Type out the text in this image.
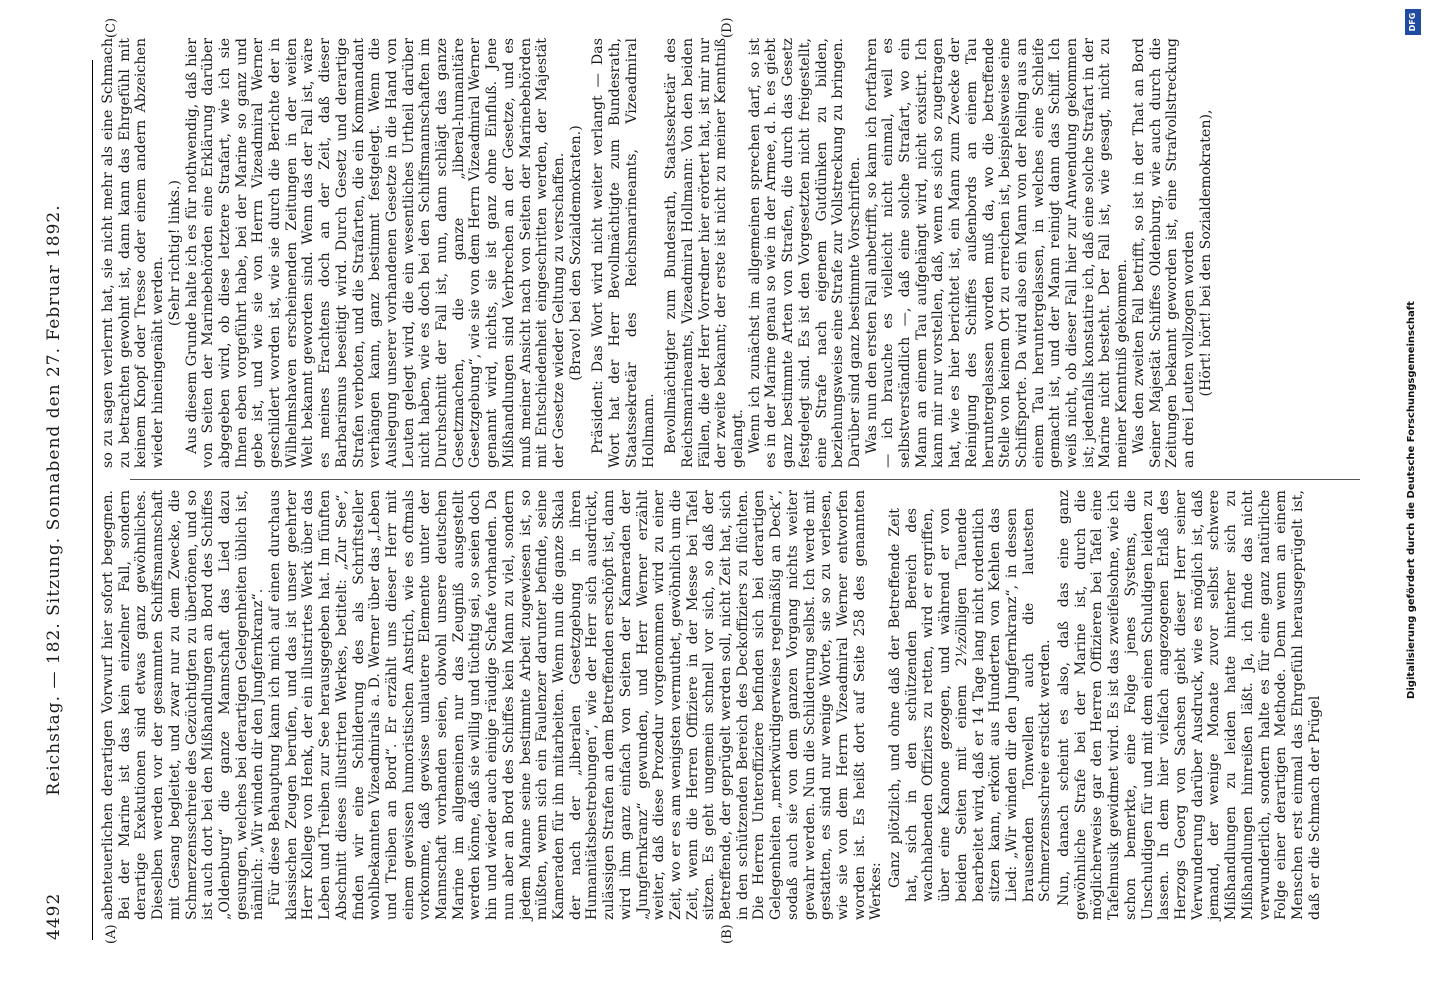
4492
Reichstag. — 182. Sitzung. Sonnabend den 27. Februar 1892.
(A)	(B)
(C)	(D)

abenteuerlichen derartigen Vorwurf hier sofort begegnen. Bei der Marine ist das kein einzelner Fall, sondern derartige Exekutionen sind etwas ganz gewöhnliches. Dieselben werden vor der gesammten Schiffsmannschaft mit Gesang begleitet, und zwar nur zu dem Zwecke, die Schmerzensschreie des Gezüchtigten zu übertönen, und so ist auch dort bei den Mißhandlungen an Bord des Schiffes „Oldenburg“ die ganze Mannschaft das Lied dazu gesungen, welches bei derartigen Gelegenheiten üblich ist, nämlich: „Wir winden dir den Jungfernkranz“. Für diese Behauptung kann ich mich auf einen durchaus klassischen Zeugen berufen, und das ist unser geehrter Herr Kollege von Henk, der ein illustrirtes Werk über das Leben und Treiben zur See herausgegeben hat. Im fünften Abschnitt dieses illustrirten Werkes, betitelt: „Zur See“, finden wir eine Schilderung des als Schriftsteller wohlbekannten Vizeadmirals a. D. Werner über das „Leben und Treiben an Bord“. Er erzählt uns dieser Herr mit einem gewissen humoristischen Anstrich, wie es oftmals vorkomme, daß gewisse unlautere Elemente unter der Mannschaft vorhanden seien, obwohl unsere deutschen Marine im allgemeinen nur das Zeugniß ausgestellt werden könne, daß sie willig und tüchtig sei, so seien doch hin und wieder auch einige räudige Schafe vorhanden. Da nun aber an Bord des Schiffes kein Mann zu viel, sondern jedem Manne seine bestimmte Arbeit zugewiesen ist, so müßten, wenn sich ein Faulenzer darunter befinde, seine Kameraden für ihn mitarbeiten. Wenn nun die ganze Skala der nach der „liberalen Gesetzgebung in ihren Humanitätsbestrebungen“, wie der Herr sich ausdrückt, zulässigen Strafen an dem Betreffenden erschöpft ist, dann wird ihm ganz einfach von Seiten der Kameraden der „Jungfernkranz“ gewunden, und Herr Werner erzählt weiter, daß diese Prozedur vorgenommen wird zu einer Zeit, wo er es am wenigsten vermuthet, gewöhnlich um die Zeit, wenn die Herren Offiziere in der Messe bei Tafel sitzen. Es geht ungemein schnell vor sich, so daß der Betreffende, der geprügelt werden soll, nicht Zeit hat, sich in den schützenden Bereich des Deckoffiziers zu flüchten. Die Herren Unteroffiziere befinden sich bei derartigen Gelegenheiten „merkwürdigerweise regelmäßig an Deck“, sodaß auch sie von dem ganzen Vorgang nichts weiter gewahr werden. Nun die Schilderung selbst. Ich werde mit gestatten, es sind nur wenige Worte, sie so zu verlesen, wie sie von dem Herrn Vizeadmiral Werner entworfen worden ist. Es heißt dort auf Seite 258 des genannten Werkes:

Ganz plötzlich, und ohne daß der Betreffende Zeit hat, sich in den schützenden Bereich des wachhabenden Offiziers zu retten, wird er ergriffen, über eine Kanone gezogen, und während er von beiden Seiten mit einem 2½zölligen Tauende bearbeitet wird, daß er 14 Tage lang nicht ordentlich sitzen kann, erkönt aus Hunderten von Kehlen das Lied: „Wir winden dir den Jungfernkranz“, in dessen brausenden Tonwellen auch die lautesten Schmerzensschreie erstickt werden. Nun, danach scheint es also, daß das eine ganz gewöhnliche Strafe bei der Marine ist, durch die möglicherweise gar den Herren Offizieren bei Tafel eine Tafelmusik gewidmet wird. Es ist das zweifelsohne, wie ich schon bemerkte, eine Folge jenes Systems, die Unschuldigen für und mit dem einen Schuldigen leiden zu lassen. In dem hier vielfach angezogenen Erlaß des Herzogs Georg von Sachsen giebt dieser Herr seiner Verwunderung darüber Ausdruck, wie es möglich ist, daß jemand, der wenige Monate zuvor selbst schwere Mißhandlungen zu leiden hatte hinterher sich zu Mißhandlungen hinreißen läßt. Ja, ich finde das nicht verwunderlich, sondern halte es für eine ganz natürliche Folge einer derartigen Methode. Denn wenn an einem Menschen erst einmal das Ehrgefühl herausgeprügelt ist, daß er die Schmach der Prügel

so zu sagen verlernt hat, sie nicht mehr als eine Schmach zu betrachten gewohnt ist, dann kann das Ehrgefühl mit keinem Knopf oder Tresse oder einem andern Abzeichen wieder hineingenäht werden.

(Sehr richtig! links.) Aus diesem Grunde halte ich es für nothwendig, daß hier von Seiten der Marinebehörden eine Erklärung darüber abgegeben wird, ob diese letztere Strafart, wie ich sie Ihnen eben vorgeführt habe, bei der Marine so ganz und gebe ist, und wie sie von Herrn Vizeadmiral Werner geschildert worden ist, wie sie durch die Berichte der in Wilhelmshaven erscheinenden Zeitungen in der weiten Welt bekannt geworden sind. Wenn das der Fall ist, wäre es meines Erachtens doch an der Zeit, daß dieser Barbarismus beseitigt wird. Durch Gesetz und derartige Strafen verboten, und die Strafarten, die ein Kommandant verhängen kann, ganz bestimmt festgelegt. Wenn die Auslegung unserer vorhandenen Gesetze in die Hand von Leuten gelegt wird, die ein wesentliches Urtheil darüber nicht haben, wie es doch bei den Schiffsmannschaften im Durchschnitt der Fall ist, nun, dann schlägt das ganze Gesetzmachen, die ganze „liberal-humanitäre Gesetzgebung“, wie sie von dem Herrn Vizeadmiral Werner genannt wird, nichts, sie ist ganz ohne Einfluß. Jene Mißhandlungen sind Verbrechen an der Gesetze, und es muß meiner Ansicht nach von Seiten der Marinebehörden mit Entschiedenheit eingeschritten werden, der Majestät der Gesetze wieder Geltung zu verschaffen. (Bravo! bei den Sozialdemokraten.) Präsident: Das Wort wird nicht weiter verlangt — Das Wort hat der Herr Bevollmächtigte zum Bundesrath, Staatssekretär des Reichsmarineamts, Vizeadmiral Hollmann. Bevollmächtigter zum Bundesrath, Staatssekretär des Reichsmarineamts, Vizeadmiral Hollmann: Von den beiden Fällen, die der Herr Vorredner hier erörtert hat, ist mir nur der zweite bekannt; der erste ist nicht zu meiner Kenntniß gelangt. Wenn ich zunächst im allgemeinen sprechen darf, so ist es in der Marine genau so wie in der Armee, d. h. es giebt ganz bestimmte Arten von Strafen, die durch das Gesetz festgelegt sind. Es ist den Vorgesetzten nicht freigestellt, eine Strafe nach eigenem Gutdünken zu bilden, beziehungsweise eine Strafe zur Vollstreckung zu bringen. Darüber sind ganz bestimmte Vorschriften. Was nun den ersten Fall anbetrifft, so kann ich fortfahren — ich brauche es vielleicht nicht einmal, weil es selbstverständlich —, daß eine solche Strafart, wo ein Mann an einem Tau aufgehängt wird, nicht existirt. Ich kann mir nur vorstellen, daß, wenn es sich so zugetragen hat, wie es hier berichtet ist, ein Mann zum Zwecke der Reinigung des Schiffes außenbords an einem Tau heruntergelassen worden muß da, wo die betreffende Stelle von keinem Ort zu erreichen ist, beispielsweise eine Schiffsporte. Da wird also ein Mann von der Reling aus an einem Tau heruntergelassen, in welches eine Schleife gemacht ist, und der Mann reinigt dann das Schiff. Ich weiß nicht, ob dieser Fall hier zur Anwendung gekommen ist; jedenfalls konstatire ich, daß eine solche Strafart in der Marine nicht besteht. Der Fall ist, wie gesagt, nicht zu meiner Kenntniß gekommen. Was den zweiten Fall betrifft, so ist in der That an Bord Seiner Majestät Schiffes Oldenburg, wie auch durch die Zeitungen bekannt geworden ist, eine Strafvollstreckung an drei Leuten vollzogen worden (Hört! hört! bei den Sozialdemokraten),

Digitalisierung gefördert durch die Deutsche Forschungsgemeinschaft
DFG
